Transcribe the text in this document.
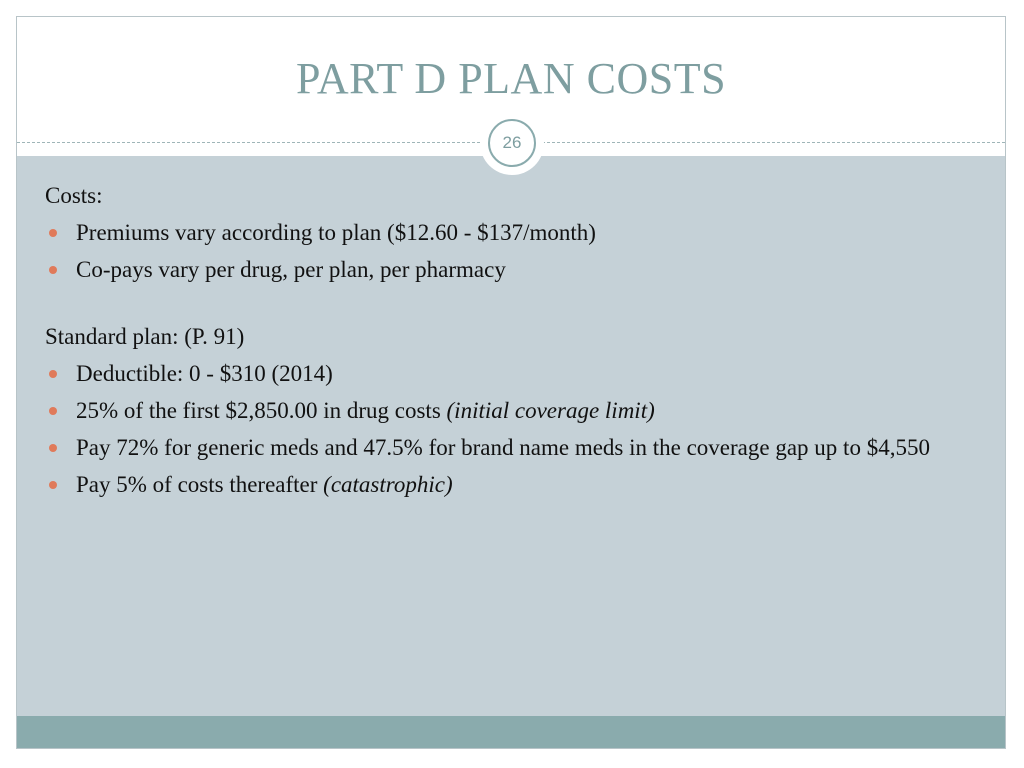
PART D PLAN COSTS
26

Costs:

Premiums vary according to plan ($12.60 - $137/month)
Co-pays vary per drug, per plan, per pharmacy

Standard plan: (P. 91)

Deductible: 0 - $310 (2014)
25% of the first $2,850.00 in drug costs (initial coverage limit)
Pay 72% for generic meds and 47.5% for brand name meds in the coverage gap up to $4,550
Pay 5% of costs thereafter (catastrophic)
